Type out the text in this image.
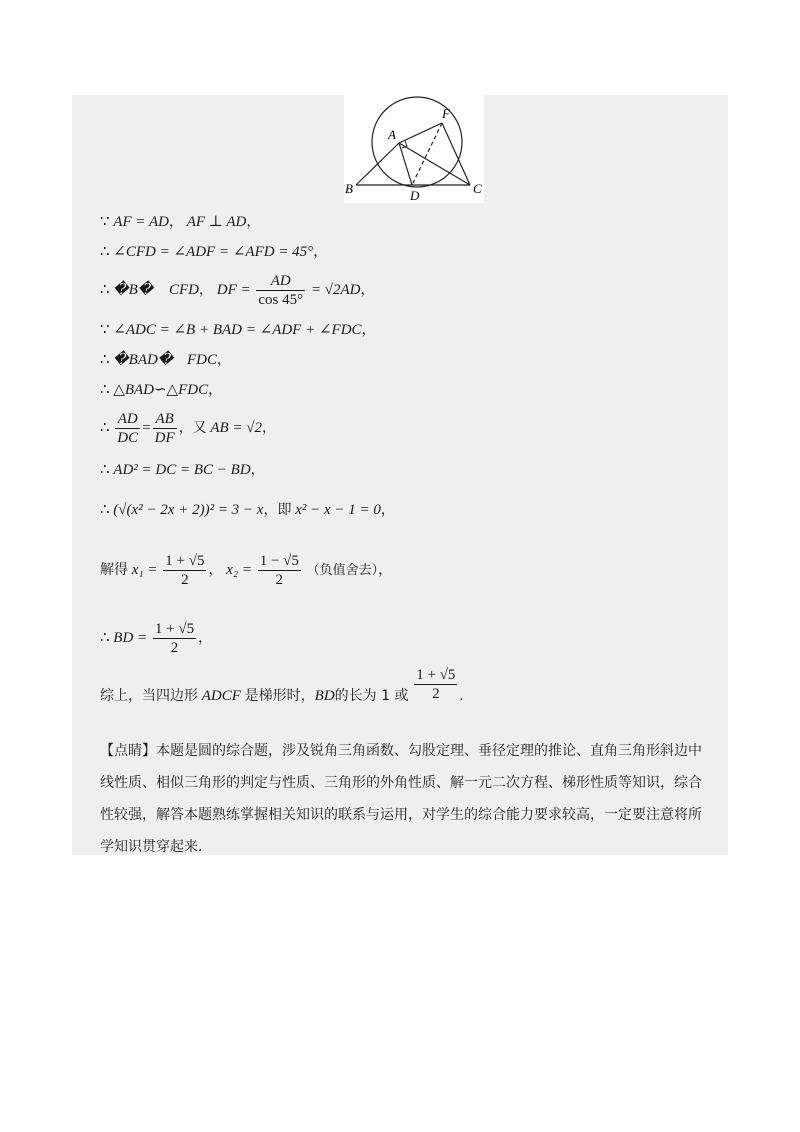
A
F
B	D	C
∵ AF = AD， AF ⊥ AD，
∴ ∠CFD = ∠ADF = ∠AFD = 45°，
∴ �B� CFD， DF = $\frac{AD}{\cos 45^\circ} = √2AD$，
∵ ∠ADC = ∠B + BAD = ∠ADF + ∠FDC，
∴ �BAD� FDC，
∴ △BAD∽△FDC，
∴ $\frac{AD}{DC} = \frac{AB}{DF}$ ，又 AB = √2，
∴ AD² = DC = BC − BD，
∴ (√(x² − 2x + 2))² = 3 − x，即 x² − x − 1 = 0，
解得 $x_1 = \frac{1 + √5}{2}$ ， $x_2 = \frac{1 - √5}{2}$ （负值舍去），
∴ BD = $\frac{1 + √5}{2}$ ，
综上，当四边形 ADCF 是梯形时，BD的长为 1 或 $\frac{1 + √5}{2}$ .
【点睛】本题是圆的综合题，涉及锐角三角函数、勾股定理、垂径定理的推论、直角三角形斜边中线性质、相似三角形的判定与性质、三角形的外角性质、解一元二次方程、梯形性质等知识，综合性较强，解答本题熟练掌握相关知识的联系与运用，对学生的综合能力要求较高，一定要注意将所学知识贯穿起来.
